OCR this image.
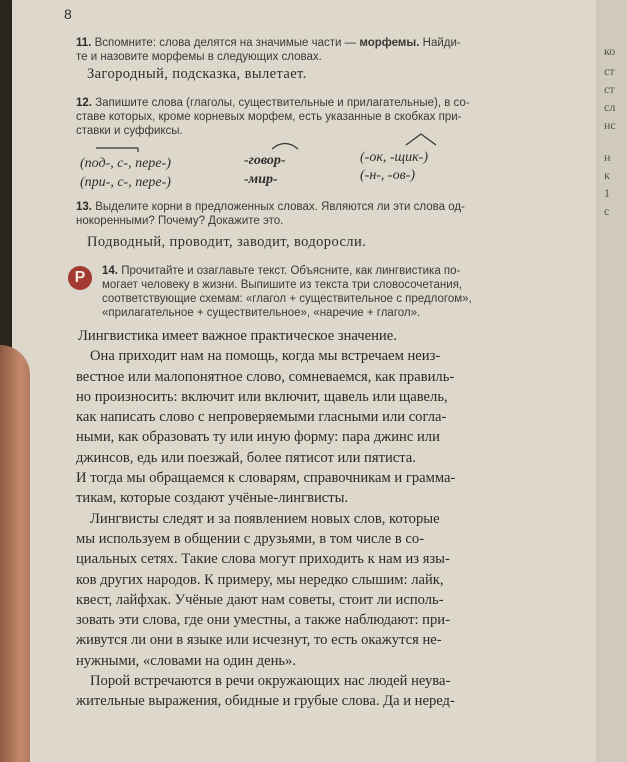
8
11. Вспомните: слова делятся на значимые части — морфемы. Найди-
те и назовите морфемы в следующих словах.
Загородный, подсказка, вылетает.
12. Запишите слова (глаголы, существительные и прилагательные), в со-
ставе которых, кроме корневых морфем, есть указанные в скобках при-
ставки и суффиксы.
(под-, с-, пере-)
(при-, с-, пере-)
-говор-
-мир-
(-ок, -щик-)
(-н-, -ов-)
13. Выделите корни в предложенных словах. Являются ли эти слова од-
нокоренными? Почему? Докажите это.
Подводный, проводит, заводит, водоросли.
Р	14. Прочитайте и озаглавьте текст. Объясните, как лингвистика по-
могает человеку в жизни. Выпишите из текста три словосочетания,
соответствующие схемам: «глагол + существительное с предлогом»,
«прилагательное + существительное», «наречие + глагол».
Лингвистика имеет важное практическое значение.
Она приходит нам на помощь, когда мы встречаем неиз-
вестное или малопонятное слово, сомневаемся, как правиль-
но произносить: включит или включит, щавель или щавель,
как написать слово с непроверяемыми гласными или согла-
ными, как образовать ту или иную форму: пара джинс или
джинсов, едь или поезжай, более пятисот или пятиста.
И тогда мы обращаемся к словарям, справочникам и грамма-
тикам, которые создают учёные-лингвисты.
Лингвисты следят и за появлением новых слов, которые
мы используем в общении с друзьями, в том числе в со-
циальных сетях. Такие слова могут приходить к нам из язы-
ков других народов. К примеру, мы нередко слышим: лайк,
квест, лайфхак. Учёные дают нам советы, стоит ли исполь-
зовать эти слова, где они уместны, а также наблюдают: при-
живутся ли они в языке или исчезнут, то есть окажутся не-
нужными, «словами на один день».
Порой встречаются в речи окружающих нас людей неува-
жительные выражения, обидные и грубые слова. Да и неред-
ко
ст
ст
сл
нс
н
к
1
с
